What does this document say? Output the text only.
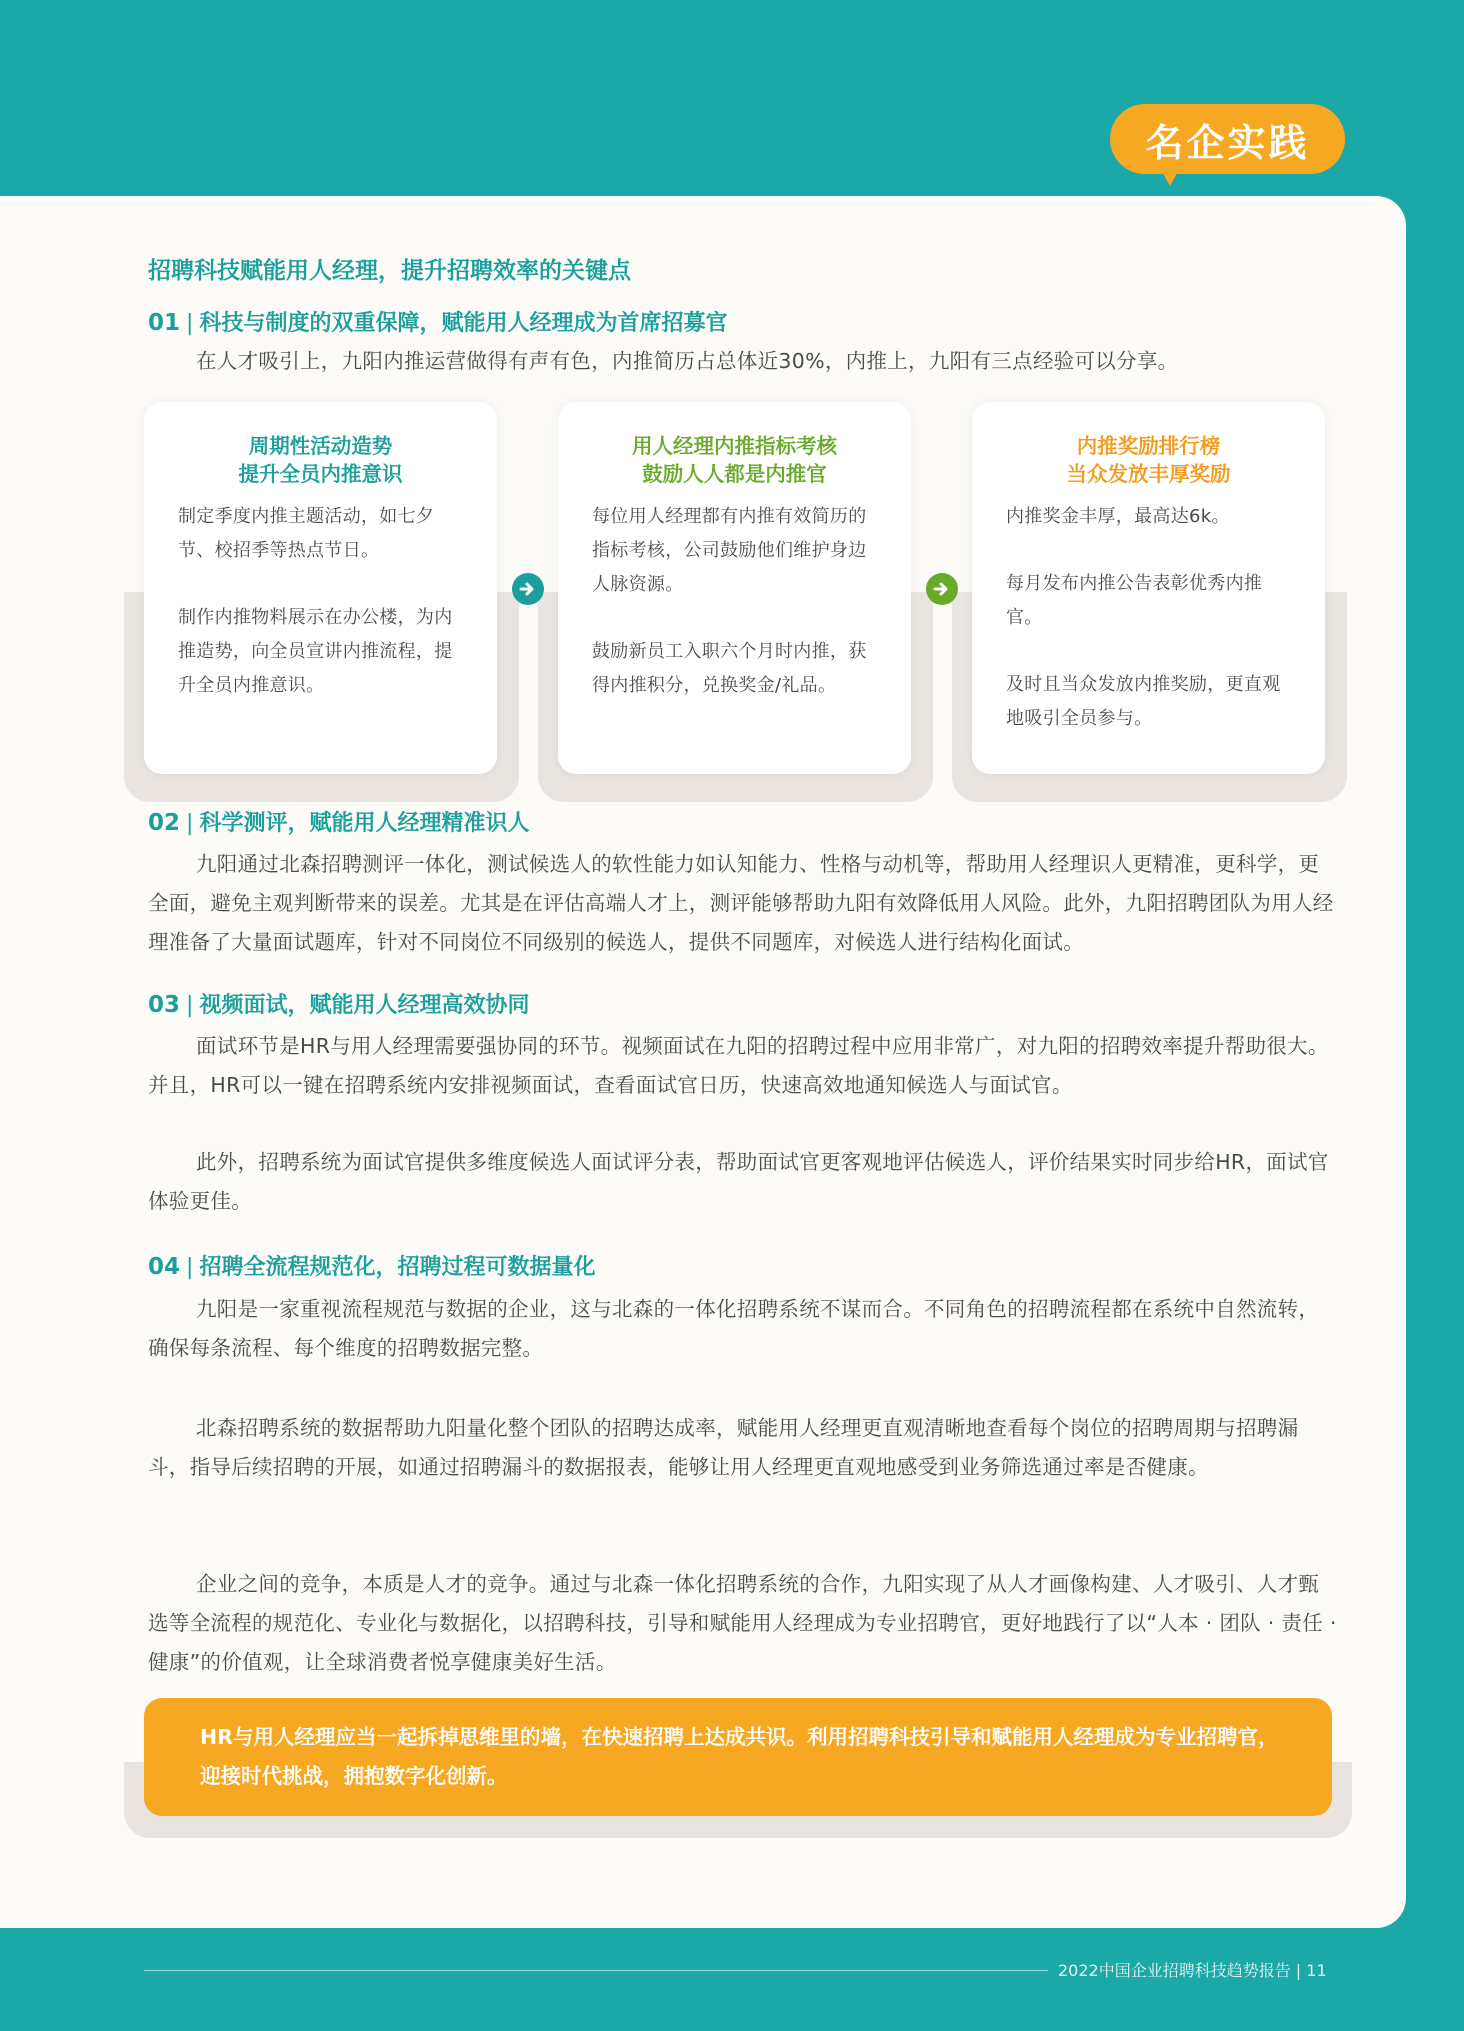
名企实践
招聘科技赋能用人经理，提升招聘效率的关键点
01 | 科技与制度的双重保障，赋能用人经理成为首席招募官

在人才吸引上，九阳内推运营做得有声有色，内推简历占总体近30%，内推上，九阳有三点经验可以分享。

周期性活动造势

提升全员内推意识

制定季度内推主题活动，如七夕节、校招季等热点节日。

制作内推物料展示在办公楼，为内推造势，向全员宣讲内推流程，提升全员内推意识。

用人经理内推指标考核

鼓励人人都是内推官

每位用人经理都有内推有效简历的指标考核，公司鼓励他们维护身边人脉资源。

鼓励新员工入职六个月时内推，获得内推积分，兑换奖金/礼品。

内推奖励排行榜

当众发放丰厚奖励

内推奖金丰厚，最高达6k。

每月发布内推公告表彰优秀内推官。

及时且当众发放内推奖励，更直观地吸引全员参与。

02 | 科学测评，赋能用人经理精准识人

九阳通过北森招聘测评一体化，测试候选人的软性能力如认知能力、性格与动机等，帮助用人经理识人更精准，更科学，更全面，避免主观判断带来的误差。尤其是在评估高端人才上，测评能够帮助九阳有效降低用人风险。此外，九阳招聘团队为用人经理准备了大量面试题库，针对不同岗位不同级别的候选人，提供不同题库，对候选人进行结构化面试。

03 | 视频面试，赋能用人经理高效协同

面试环节是HR与用人经理需要强协同的环节。视频面试在九阳的招聘过程中应用非常广，对九阳的招聘效率提升帮助很大。并且，HR可以一键在招聘系统内安排视频面试，查看面试官日历，快速高效地通知候选人与面试官。

此外，招聘系统为面试官提供多维度候选人面试评分表，帮助面试官更客观地评估候选人，评价结果实时同步给HR，面试官体验更佳。

04 | 招聘全流程规范化，招聘过程可数据量化

九阳是一家重视流程规范与数据的企业，这与北森的一体化招聘系统不谋而合。不同角色的招聘流程都在系统中自然流转，确保每条流程、每个维度的招聘数据完整。

北森招聘系统的数据帮助九阳量化整个团队的招聘达成率，赋能用人经理更直观清晰地查看每个岗位的招聘周期与招聘漏斗，指导后续招聘的开展，如通过招聘漏斗的数据报表，能够让用人经理更直观地感受到业务筛选通过率是否健康。

企业之间的竞争，本质是人才的竞争。通过与北森一体化招聘系统的合作，九阳实现了从人才画像构建、人才吸引、人才甄选等全流程的规范化、专业化与数据化，以招聘科技，引导和赋能用人经理成为专业招聘官，更好地践行了以“人本 · 团队 · 责任 · 健康”的价值观，让全球消费者悦享健康美好生活。

HR与用人经理应当一起拆掉思维里的墙，在快速招聘上达成共识。利用招聘科技引导和赋能用人经理成为专业招聘官，迎接时代挑战，拥抱数字化创新。

2022中国企业招聘科技趋势报告 | 11
